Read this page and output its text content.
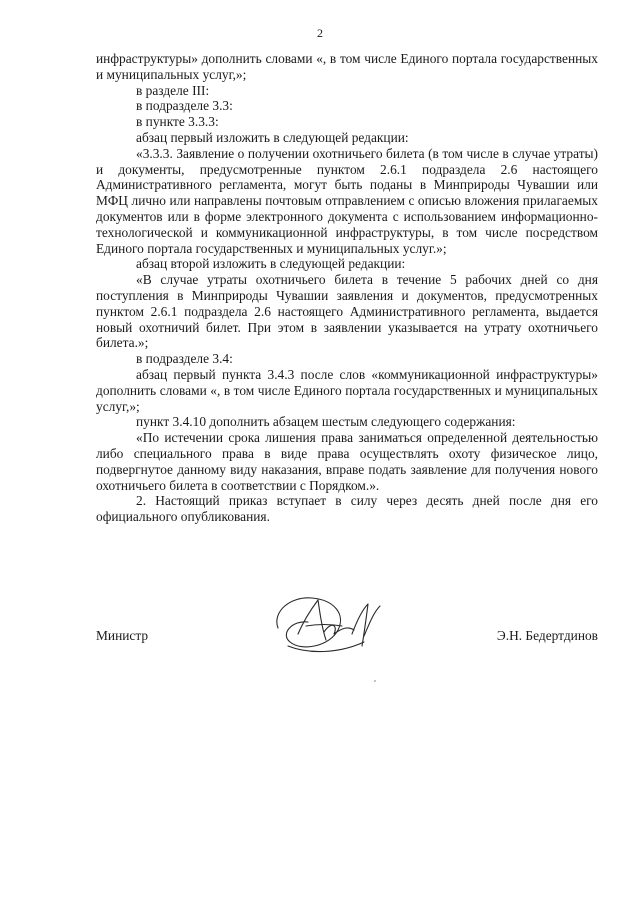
2

инфраструктуры» дополнить словами «, в том числе Единого портала государственных и муниципальных услуг,»;

в разделе III:

в подразделе 3.3:

в пункте 3.3.3:

абзац первый изложить в следующей редакции:

«3.3.3. Заявление о получении охотничьего билета (в том числе в случае утраты) и документы, предусмотренные пунктом 2.6.1 подраздела 2.6 настоящего Административного регламента, могут быть поданы в Минприроды Чувашии или МФЦ лично или направлены почтовым отправлением с описью вложения прилагаемых документов или в форме электронного документа с использованием информационно-технологической и коммуникационной инфраструктуры, в том числе посредством Единого портала государственных и муниципальных услуг.»;

абзац второй изложить в следующей редакции:

«В случае утраты охотничьего билета в течение 5 рабочих дней со дня поступления в Минприроды Чувашии заявления и документов, предусмотренных пунктом 2.6.1 подраздела 2.6 настоящего Административного регламента, выдается новый охотничий билет. При этом в заявлении указывается на утрату охотничьего билета.»;

в подразделе 3.4:

абзац первый пункта 3.4.3 после слов «коммуникационной инфраструктуры» дополнить словами «, в том числе Единого портала государственных и муниципальных услуг,»;

пункт 3.4.10 дополнить абзацем шестым следующего содержания:

«По истечении срока лишения права заниматься определенной деятельностью либо специального права в виде права осуществлять охоту физическое лицо, подвергнутое данному виду наказания, вправе подать заявление для получения нового охотничьего билета в соответствии с Порядком.».

2. Настоящий приказ вступает в силу через десять дней после дня его официального опубликования.

Министр	Э.Н. Бедертдинов
